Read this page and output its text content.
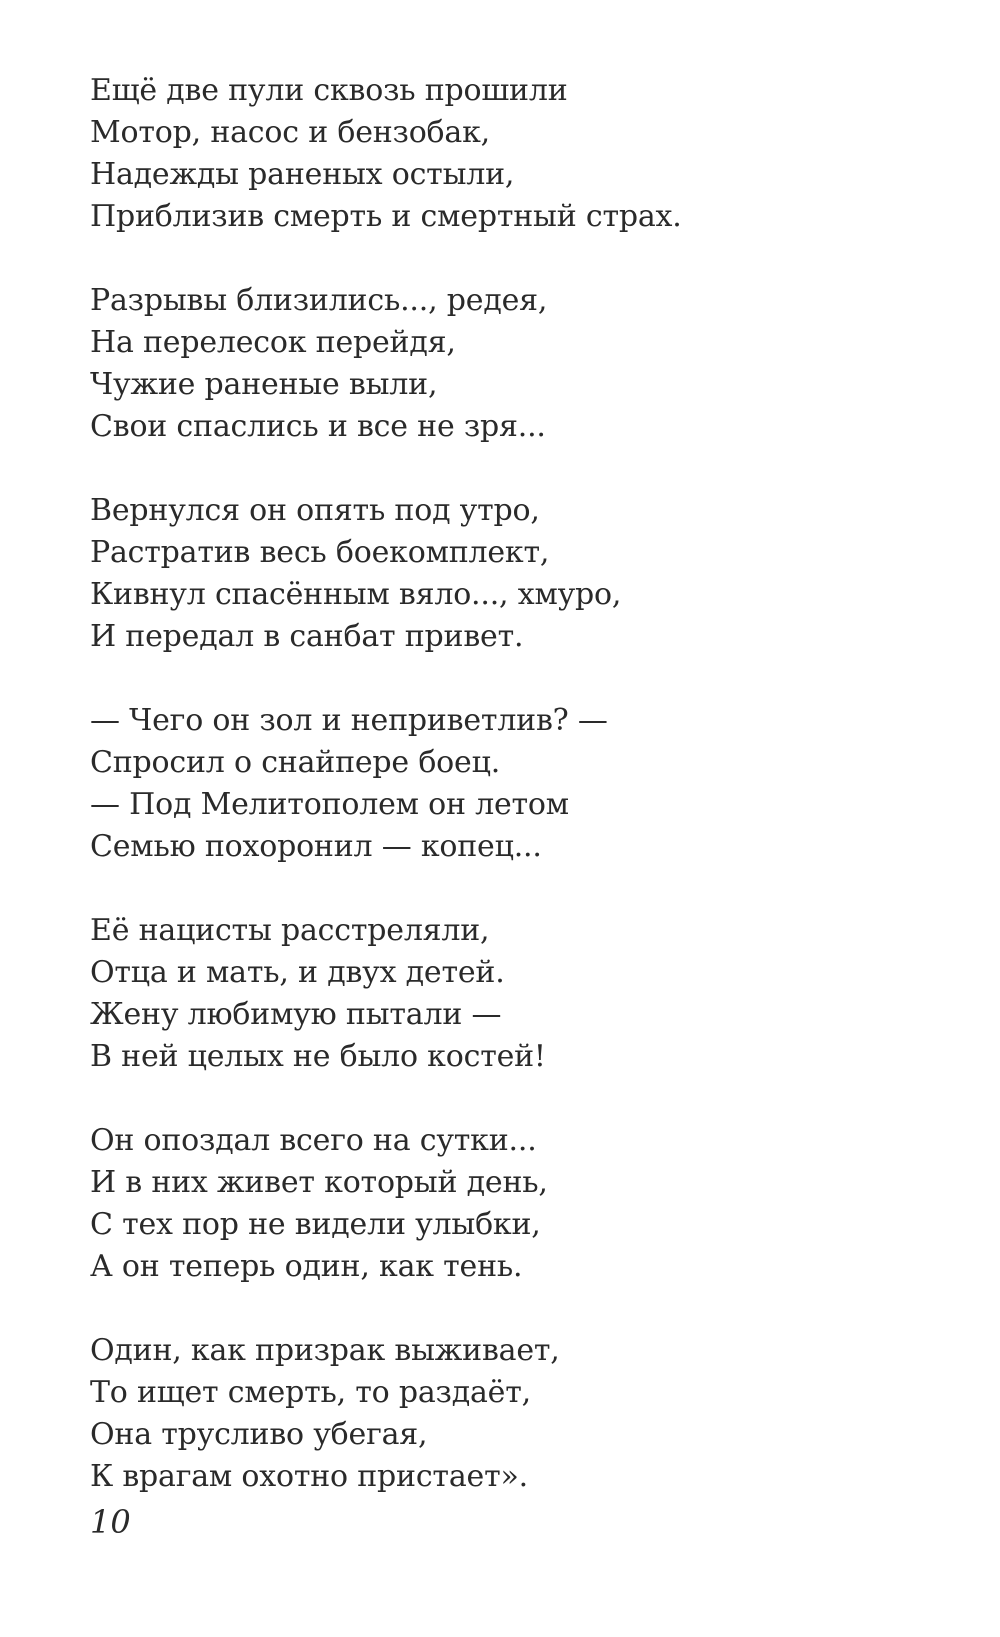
Ещё две пули сквозь прошили
Мотор, насос и бензобак,
Надежды раненых остыли,
Приблизив смерть и смертный страх.
Разрывы близились..., редея,
На перелесок перейдя,
Чужие раненые выли,
Свои спаслись и все не зря...
Вернулся он опять под утро,
Растратив весь боекомплект,
Кивнул спасённым вяло..., хмуро,
И передал в санбат привет.
— Чего он зол и неприветлив? —
Спросил о снайпере боец.
— Под Мелитополем он летом
Семью похоронил — копец...
Её нацисты расстреляли,
Отца и мать, и двух детей.
Жену любимую пытали —
В ней целых не было костей!
Он опоздал всего на сутки...
И в них живет который день,
С тех пор не видели улыбки,
А он теперь один, как тень.
Один, как призрак выживает,
То ищет смерть, то раздаёт,
Она трусливо убегая,
К врагам охотно пристает».
10
